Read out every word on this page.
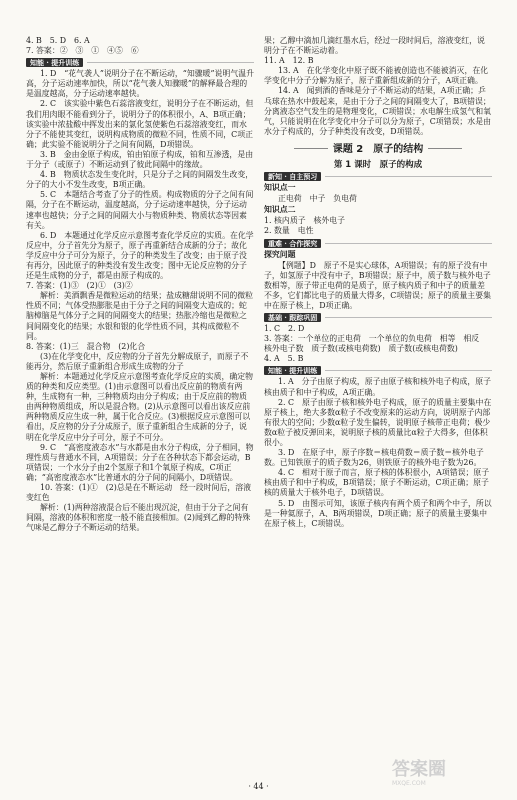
4. B　5. D　6. A
7. 答案：②　③　①　④⑤　⑥
知能 · 提升训练
1. D　“花气袭人”说明分子在不断运动，“知骤暖”说明气温升高，分子运动速率加快，所以“花气袭人知骤暖”的解释最合理的是温度越高，分子运动速率越快。
2. C　该实验中紫色石蕊溶液变红，说明分子在不断运动，但我们用肉眼不能看到分子，说明分子的体积很小，A、B项正确；该实验中浓盐酸中挥发出来的氯化氢使紫色石蕊溶液变红，而水分子不能使其变红，说明构成物质的微粒不同，性质不同，C项正确；此实验不能说明分子之间有间隔，D项错误。
3. B　金由金原子构成，铂由铂原子构成，铂和互渗透，是由于分子（或原子）不断运动到了彼此间隔中的缘故。
4. B　物质状态发生变化时，只是分子之间的间隔发生改变，分子的大小不发生改变，B项正确。
5. C　本题结合考查了分子的性质。构成物质的分子之间有间隔，分子在不断运动，温度越高，分子运动速率越快，分子运动速率也越快；分子之间的间隔大小与物质种类、物质状态等因素有关。
6. D　本题通过化学反应示意图考查化学反应的实质。在化学反应中，分子首先分为原子，原子再重新结合成新的分子；故化学反应中分子可分为原子，分子的种类发生了改变；由于原子没有再分，因此原子的种类没有发生改变；图中无论反应物的分子还是生成物的分子，都是由原子构成的。
7. 答案：(1)③　(2)①　(3)②
解析：美酒飘香是微粒运动的结果；盐成糖甜说明不同的微粒性质不同；气体受热膨胀是由于分子之间的间隔变大造成的；蛇脑樟脑是气体分子之间的间隔变大的结果；热胀冷缩也是微粒之间间隔变化的结果；水银和银的化学性质不同，其构成微粒不同。
8. 答案：(1)三　混合物　(2)化合
(3)在化学变化中，反应物的分子首先分解成原子，而原子不能再分，然后原子重新组合形成生成物的分子
解析：本题通过化学反应示意图考查化学反应的实质，确定物质的种类和反应类型。(1)由示意图可以看出反应前的物质有两种，生成物有一种，三种物质均由分子构成；由于反应前的物质由两种物质组成，所以是混合物。(2)从示意图可以看出该反应前两种物质反应生成一种，属于化合反应。(3)根据反应示意图可以看出，反应物的分子分成原子，原子重新组合生成新的分子，说明在化学反应中分子可分，原子不可分。
9. C　“高密度液态水”与水都是由水分子构成，分子相同，物理性质与普通水不同，A项错误；分子在各种状态下都会运动，B项错误；一个水分子由2个氢原子和1个氧原子构成，C项正确；“高密度液态水”比普通水的分子间的间隔小，D项错误。
10. 答案：(1)①　(2)总是在不断运动　经一段时间后，溶液变红色
解析：(1)两种溶液混合后不能出现沉淀，但由于分子之间有间隔，溶液的体积和密度一般不能直接相加。(2)闻到乙醇的特殊气味是乙醇分子不断运动的结果。
果；乙醇中滴加几滴红墨水后，经过一段时间后，溶液变红，说明分子在不断运动着。
11. A　12. B
13. A　在化学变化中原子既不能被创造也不能被消灭，在化学变化中分子分解为原子，原子重新组成新的分子，A项正确。
14. A　闻到酒的香味是分子不断运动的结果，A项正确；乒乓球在热水中鼓起来，是由于分子之间的间隔变大了，B项错误；分离液态空气发生的是物理变化，C项错误；水电解生成氢气和氧气，只能说明在化学变化中分子可以分为原子，C项错误；水是由水分子构成的，分子种类没有改变，D项错误。
课题 2　原子的结构
第 1 课时　原子的构成
新知 · 自主预习
知识点一
正电荷　中子　负电荷
知识点二
1. 核内质子　核外电子
2. 数量　电性
重难 · 合作探究
探究问题
【例题】D　原子不是实心球体，A项错误；有的原子没有中子，如氢原子中没有中子，B项错误；原子中，质子数与核外电子数相等，原子带正电荷的是质子，原子核内质子和中子的质量差不多，它们都比电子的质量大得多，C项错误；原子的质量主要集中在原子核上，D项正确。
基础 · 跟踪巩固
1. C　2. D
3. 答案：一个单位的正电荷　一个单位的负电荷　相等　相反　核外电子数　质子数(或核电荷数)　质子数(或核电荷数)
4. A　5. B
知能 · 提升训练
1. A　分子由原子构成，原子由原子核和核外电子构成，原子核由质子和中子构成，A项正确。
2. C　原子由原子核和核外电子构成，原子的质量主要集中在原子核上，绝大多数α粒子不改变原来的运动方向，说明原子内部有很大的空间；少数α粒子发生偏转，说明原子核带正电荷；极少数α粒子被反弹回来，说明原子核的质量比α粒子大得多，但体积很小。
3. D　在原子中，原子序数＝核电荷数＝质子数＝核外电子数。已知铁原子的质子数为26，则铁原子的核外电子数为26。
4. C　相对于原子而言，原子核的体积很小，A项错误；原子核由质子和中子构成，B项错误；原子不断运动，C项正确；原子核的质量大于核外电子，D项错误。
5. D　由图示可知，该原子核内有两个质子和两个中子，所以是一种氦原子，A、B两项错误，D项正确；原子的质量主要集中在原子核上，C项错误。
· 44 ·
答案圈
MXQE.COM
